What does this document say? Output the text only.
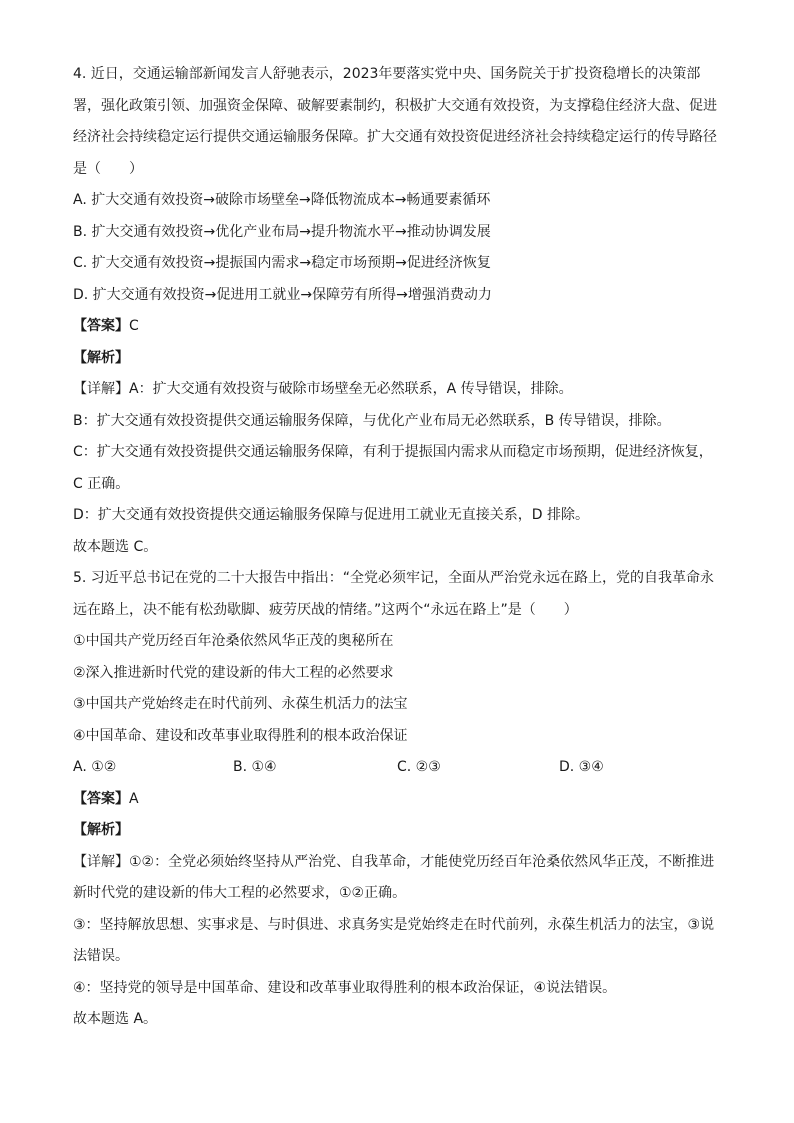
4. 近日，交通运输部新闻发言人舒驰表示，2023年要落实党中央、国务院关于扩投资稳增长的决策部
署，强化政策引领、加强资金保障、破解要素制约，积极扩大交通有效投资，为支撑稳住经济大盘、促进
经济社会持续稳定运行提供交通运输服务保障。扩大交通有效投资促进经济社会持续稳定运行的传导路径
是（　　）
A. 扩大交通有效投资→破除市场壁垒→降低物流成本→畅通要素循环
B. 扩大交通有效投资→优化产业布局→提升物流水平→推动协调发展
C. 扩大交通有效投资→提振国内需求→稳定市场预期→促进经济恢复
D. 扩大交通有效投资→促进用工就业→保障劳有所得→增强消费动力
【答案】C
【解析】
【详解】A：扩大交通有效投资与破除市场壁垒无必然联系，A 传导错误，排除。
B：扩大交通有效投资提供交通运输服务保障，与优化产业布局无必然联系，B 传导错误，排除。
C：扩大交通有效投资提供交通运输服务保障，有利于提振国内需求从而稳定市场预期，促进经济恢复，
C 正确。
D：扩大交通有效投资提供交通运输服务保障与促进用工就业无直接关系，D 排除。
故本题选 C。
5. 习近平总书记在党的二十大报告中指出：“全党必须牢记，全面从严治党永远在路上，党的自我革命永
远在路上，决不能有松劲歇脚、疲劳厌战的情绪。”这两个“永远在路上”是（　　）
①中国共产党历经百年沧桑依然风华正茂的奥秘所在
②深入推进新时代党的建设新的伟大工程的必然要求
③中国共产党始终走在时代前列、永葆生机活力的法宝
④中国革命、建设和改革事业取得胜利的根本政治保证
A. ①②	B. ①④	C. ②③	D. ③④
【答案】A
【解析】
【详解】①②：全党必须始终坚持从严治党、自我革命，才能使党历经百年沧桑依然风华正茂，不断推进
新时代党的建设新的伟大工程的必然要求，①②正确。
③：坚持解放思想、实事求是、与时俱进、求真务实是党始终走在时代前列，永葆生机活力的法宝，③说
法错误。
④：坚持党的领导是中国革命、建设和改革事业取得胜利的根本政治保证，④说法错误。
故本题选 A。
